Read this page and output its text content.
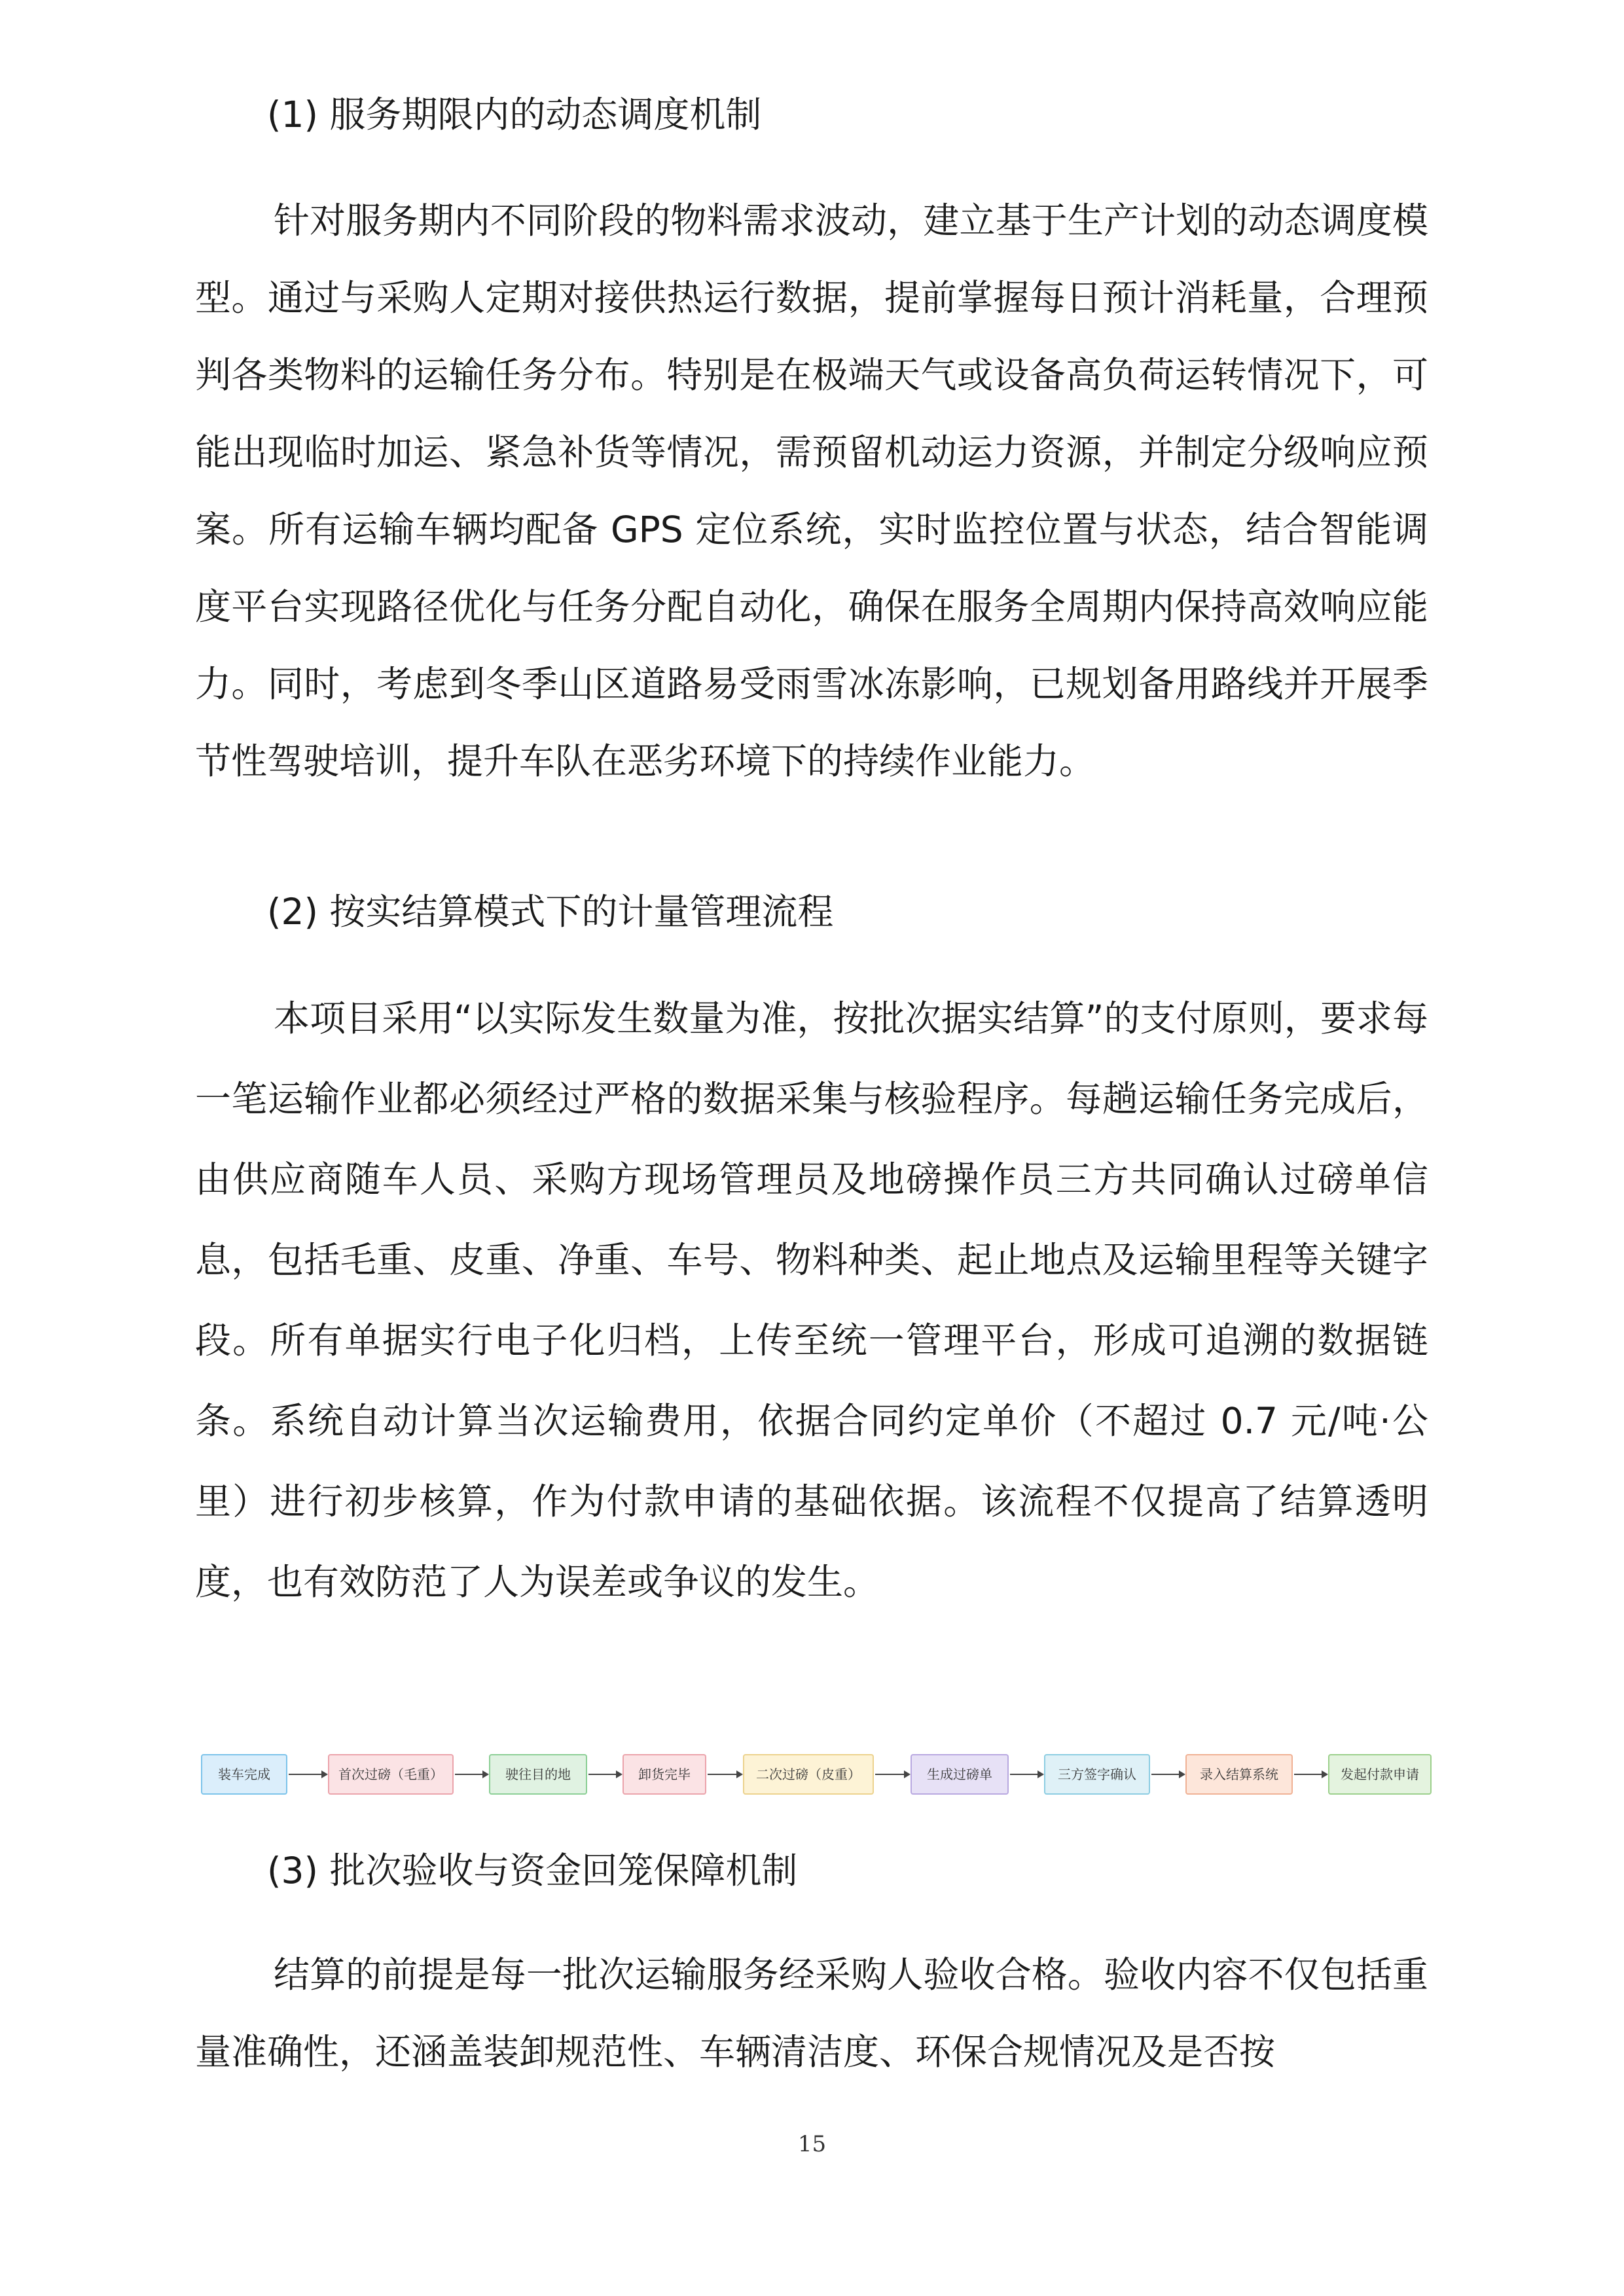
(1) 服务期限内的动态调度机制

针对服务期内不同阶段的物料需求波动，建立基于生产计划的动态调度模型。通过与采购人定期对接供热运行数据，提前掌握每日预计消耗量，合理预判各类物料的运输任务分布。特别是在极端天气或设备高负荷运转情况下，可能出现临时加运、紧急补货等情况，需预留机动运力资源，并制定分级响应预案。所有运输车辆均配备 GPS 定位系统，实时监控位置与状态，结合智能调度平台实现路径优化与任务分配自动化，确保在服务全周期内保持高效响应能力。同时，考虑到冬季山区道路易受雨雪冰冻影响，已规划备用路线并开展季节性驾驶培训，提升车队在恶劣环境下的持续作业能力。

(2) 按实结算模式下的计量管理流程

本项目采用“以实际发生数量为准，按批次据实结算”的支付原则，要求每一笔运输作业都必须经过严格的数据采集与核验程序。每趟运输任务完成后，由供应商随车人员、采购方现场管理员及地磅操作员三方共同确认过磅单信息，包括毛重、皮重、净重、车号、物料种类、起止地点及运输里程等关键字段。所有单据实行电子化归档，上传至统一管理平台，形成可追溯的数据链条。系统自动计算当次运输费用，依据合同约定单价（不超过 0.7 元/吨·公里）进行初步核算，作为付款申请的基础依据。该流程不仅提高了结算透明度，也有效防范了人为误差或争议的发生。

装车完成	首次过磅（毛重）	驶往目的地	卸货完毕	二次过磅（皮重）	生成过磅单	三方签字确认	录入结算系统	发起付款申请
(3) 批次验收与资金回笼保障机制

结算的前提是每一批次运输服务经采购人验收合格。验收内容不仅包括重量准确性，还涵盖装卸规范性、车辆清洁度、环保合规情况及是否按

15
